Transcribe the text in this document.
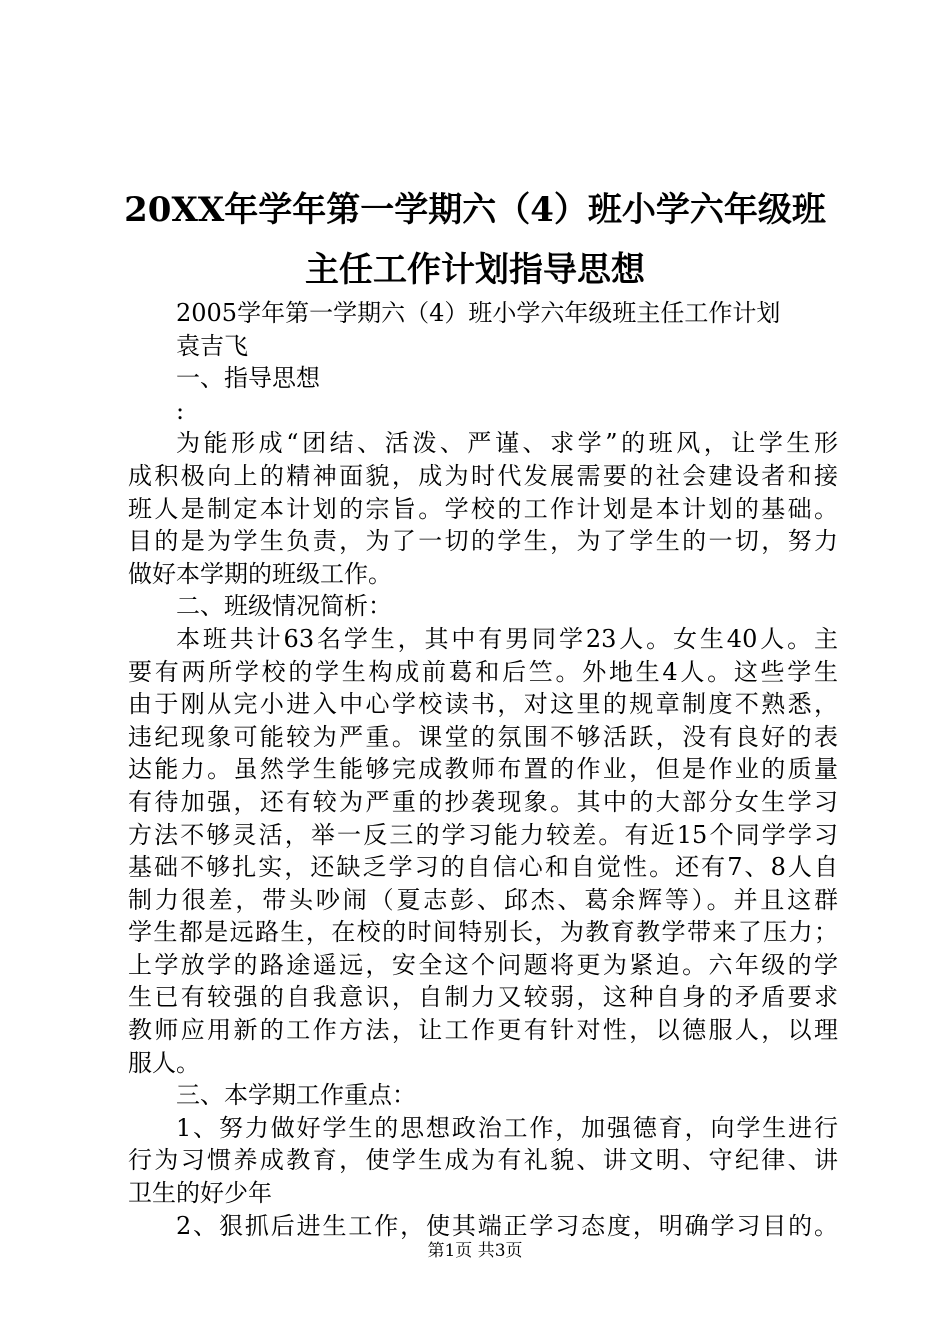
20XX年学年第一学期六（4）班小学六年级班
主任工作计划指导思想
2005学年第一学期六（4）班小学六年级班主任工作计划
袁吉飞
一、指导思想
:
为能形成“团结、活泼、严谨、求学”的班风，让学生形
成积极向上的精神面貌，成为时代发展需要的社会建设者和接
班人是制定本计划的宗旨。学校的工作计划是本计划的基础。
目的是为学生负责，为了一切的学生，为了学生的一切，努力
做好本学期的班级工作。
二、班级情况简析：
本班共计63名学生，其中有男同学23人。女生40人。主
要有两所学校的学生构成前葛和后竺。外地生4人。这些学生
由于刚从完小进入中心学校读书，对这里的规章制度不熟悉，
违纪现象可能较为严重。课堂的氛围不够活跃，没有良好的表
达能力。虽然学生能够完成教师布置的作业，但是作业的质量
有待加强，还有较为严重的抄袭现象。其中的大部分女生学习
方法不够灵活，举一反三的学习能力较差。有近15个同学学习
基础不够扎实，还缺乏学习的自信心和自觉性。还有7、8人自
制力很差，带头吵闹（夏志彭、邱杰、葛余辉等）。并且这群
学生都是远路生，在校的时间特别长，为教育教学带来了压力；
上学放学的路途遥远，安全这个问题将更为紧迫。六年级的学
生已有较强的自我意识，自制力又较弱，这种自身的矛盾要求
教师应用新的工作方法，让工作更有针对性，以德服人，以理
服人。
三、本学期工作重点：
1、努力做好学生的思想政治工作，加强德育，向学生进行
行为习惯养成教育，使学生成为有礼貌、讲文明、守纪律、讲
卫生的好少年
2、狠抓后进生工作，使其端正学习态度，明确学习目的。
第1页 共3页
